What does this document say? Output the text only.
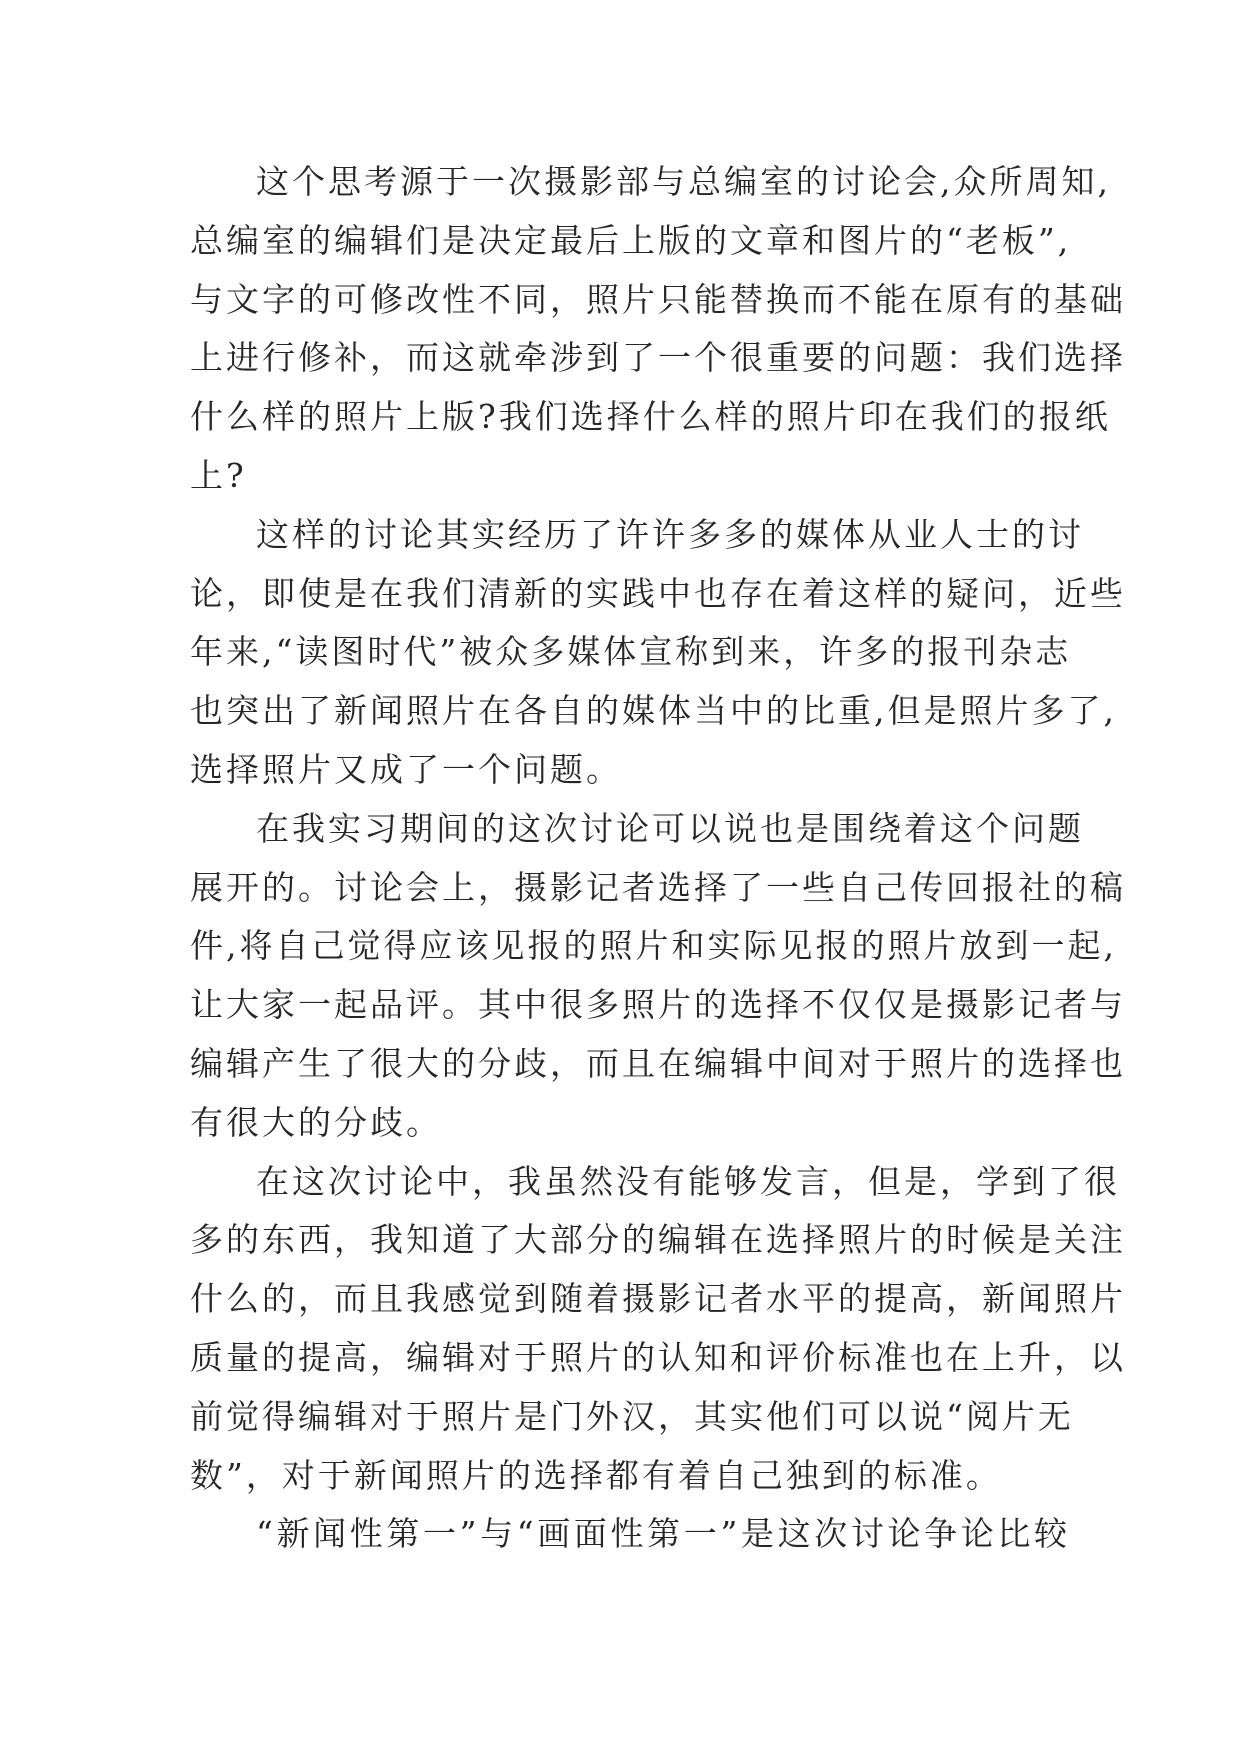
这个思考源于一次摄影部与总编室的讨论会,众所周知,
总编室的编辑们是决定最后上版的文章和图片的“老板”,
与文字的可修改性不同，照片只能替换而不能在原有的基础
上进行修补，而这就牵涉到了一个很重要的问题：我们选择
什么样的照片上版?我们选择什么样的照片印在我们的报纸
上?

这样的讨论其实经历了许许多多的媒体从业人士的讨
论，即使是在我们清新的实践中也存在着这样的疑问，近些
年来,“读图时代”被众多媒体宣称到来，许多的报刊杂志
也突出了新闻照片在各自的媒体当中的比重,但是照片多了,
选择照片又成了一个问题。

在我实习期间的这次讨论可以说也是围绕着这个问题
展开的。讨论会上，摄影记者选择了一些自己传回报社的稿
件,将自己觉得应该见报的照片和实际见报的照片放到一起,
让大家一起品评。其中很多照片的选择不仅仅是摄影记者与
编辑产生了很大的分歧，而且在编辑中间对于照片的选择也
有很大的分歧。

在这次讨论中，我虽然没有能够发言，但是，学到了很
多的东西，我知道了大部分的编辑在选择照片的时候是关注
什么的，而且我感觉到随着摄影记者水平的提高，新闻照片
质量的提高，编辑对于照片的认知和评价标准也在上升，以
前觉得编辑对于照片是门外汉，其实他们可以说“阅片无
数”，对于新闻照片的选择都有着自己独到的标准。

“新闻性第一”与“画面性第一”是这次讨论争论比较
